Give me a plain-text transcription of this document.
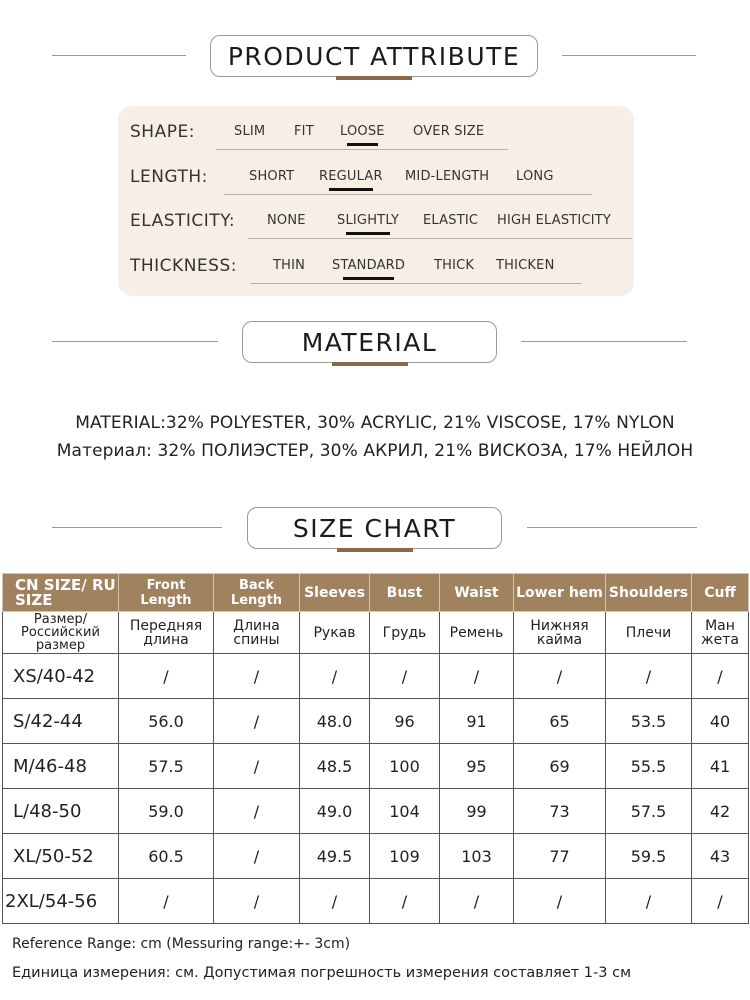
PRODUCT ATTRIBUTE
SHAPE:	SLIM FIT LOOSE OVER SIZE
LENGTH:	SHORT REGULAR MID-LENGTH LONG
ELASTICITY: NONE SLIGHTLY ELASTIC HIGH ELASTICITY
THICKNESS:	THIN STANDARD THICK THICKEN
MATERIAL
MATERIAL:32% POLYESTER, 30% ACRYLIC, 21% VISCOSE, 17% NYLON
Материал: 32% ПОЛИЭСТЕР, 30% АКРИЛ, 21% ВИСКОЗА, 17% НЕЙЛОН
SIZE CHART
CN SIZE/ RU SIZE	Front Length	Back Length	Sleeves	Bust	Waist	Lower hem	Shoulders	Cuff
Размер/ Российский размер	Передняя длина	Длина спины	Рукав	Грудь	Ремень	Нижняя кайма	Плечи	Ман жета
XS/40-42	/	/	/	/	/	/	/	/
S/42-44	56.0	/	48.0	96	91	65	53.5	40
M/46-48	57.5	/	48.5	100	95	69	55.5	41
L/48-50	59.0	/	49.0	104	99	73	57.5	42
XL/50-52	60.5	/	49.5	109	103	77	59.5	43
2XL/54-56	/	/	/	/	/	/	/	/
Reference Range: cm (Messuring range:+- 3cm)
Единица измерения: см. Допустимая погрешность измерения составляет 1-3 см
